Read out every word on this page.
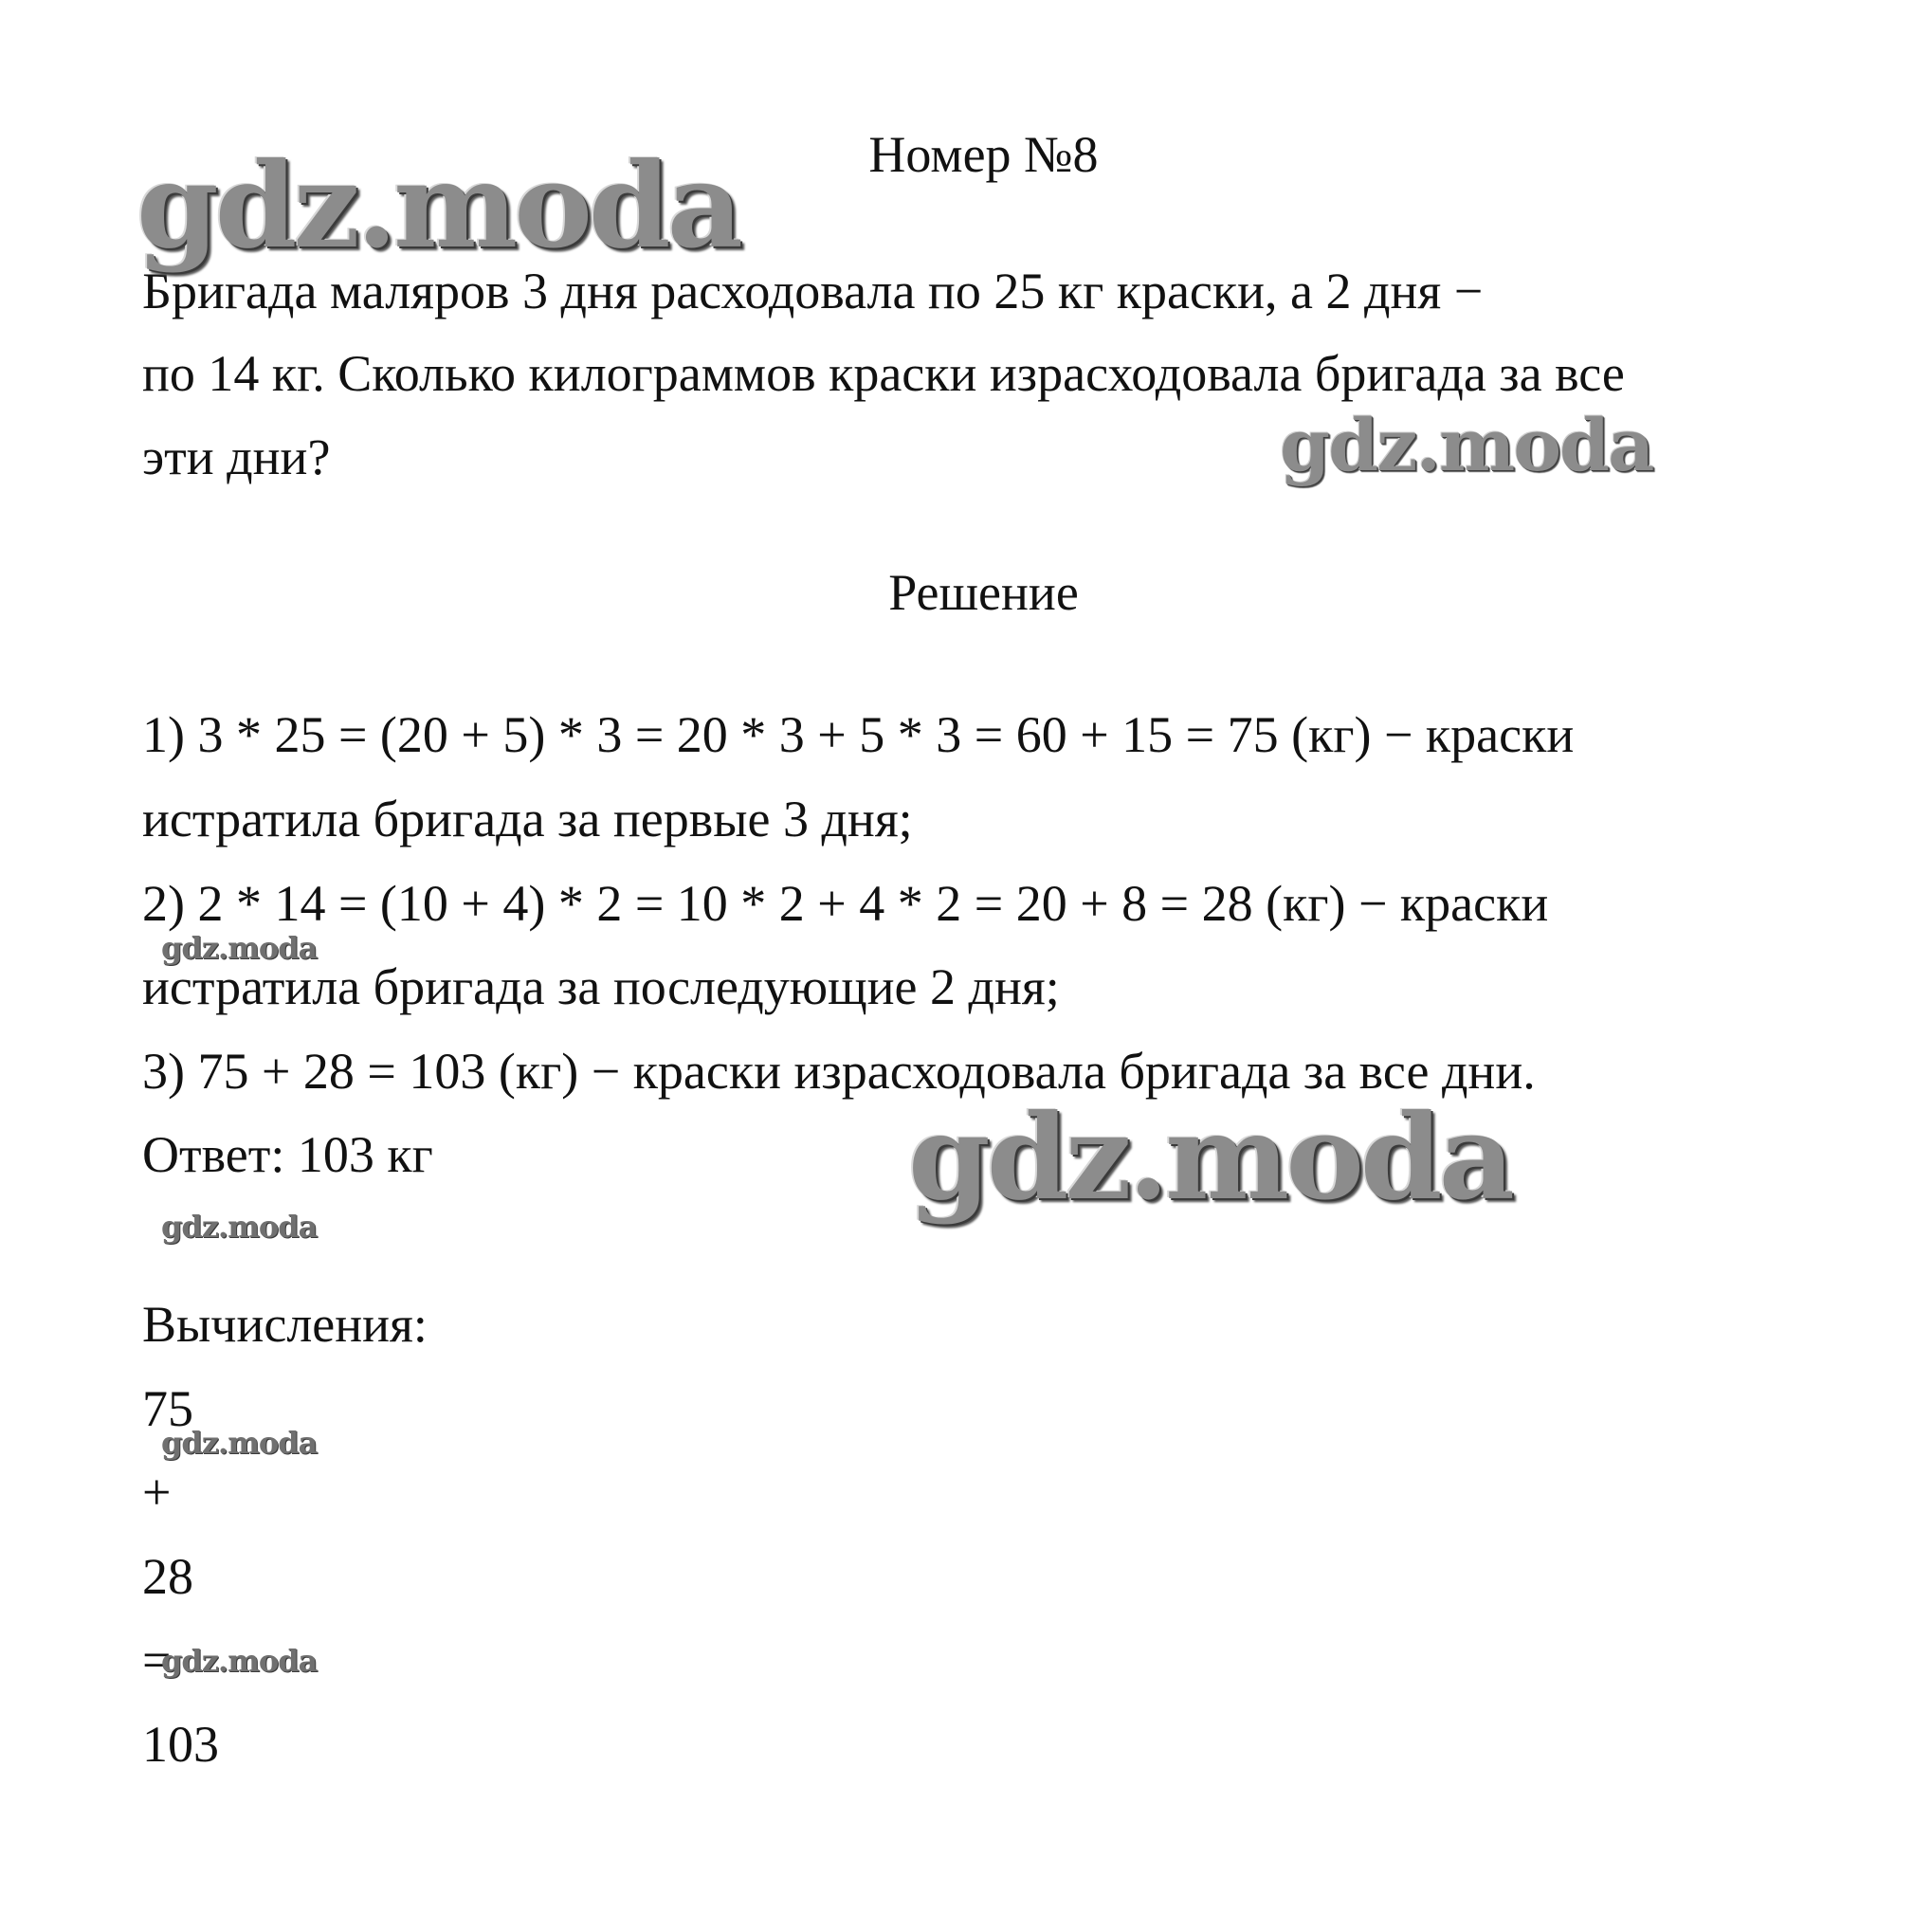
Номер №8
Бригада маляров 3 дня расходовала по 25 кг краски, а 2 дня −
по 14 кг. Сколько килограммов краски израсходовала бригада за все
эти дни?
Решение
1) 3 * 25 = (20 + 5) * 3 = 20 * 3 + 5 * 3 = 60 + 15 = 75 (кг) − краски
истратила бригада за первые 3 дня;
2) 2 * 14 = (10 + 4) * 2 = 10 * 2 + 4 * 2 = 20 + 8 = 28 (кг) − краски
истратила бригада за последующие 2 дня;
3) 75 + 28 = 103 (кг) − краски израсходовала бригада за все дни.
Ответ: 103 кг
Вычисления:
75
+
28
=
103
gdz.moda
gdz.moda
gdz.moda
gdz.moda
gdz.moda
gdz.moda
gdz.moda
